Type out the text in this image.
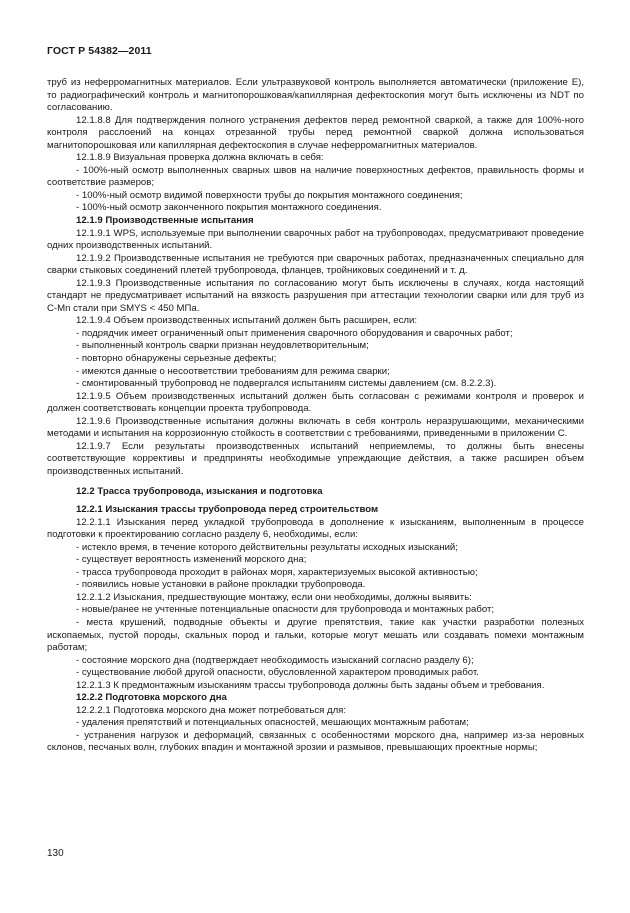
ГОСТ Р 54382—2011

труб из неферромагнитных материалов. Если ультразвуковой контроль выполняется автоматически (приложение Е), то радиографический контроль и магнитопорошковая/капиллярная дефектоскопия могут быть исключены из NDT по согласованию.

12.1.8.8 Для подтверждения полного устранения дефектов перед ремонтной сваркой, а также для 100%-ного контроля расслоений на концах отрезанной трубы перед ремонтной сваркой должна использоваться магнитопорошковая или капиллярная дефектоскопия в случае неферромагнитных материалов.

12.1.8.9 Визуальная проверка должна включать в себя:

- 100%-ный осмотр выполненных сварных швов на наличие поверхностных дефектов, правильность формы и соответствие размеров;

- 100%-ный осмотр видимой поверхности трубы до покрытия монтажного соединения;

- 100%-ный осмотр законченного покрытия монтажного соединения.

12.1.9 Производственные испытания

12.1.9.1 WPS, используемые при выполнении сварочных работ на трубопроводах, предусматривают проведение одних производственных испытаний.

12.1.9.2 Производственные испытания не требуются при сварочных работах, предназначенных специально для сварки стыковых соединений плетей трубопровода, фланцев, тройниковых соединений и т. д.

12.1.9.3 Производственные испытания по согласованию могут быть исключены в случаях, когда настоящий стандарт не предусматривает испытаний на вязкость разрушения при аттестации технологии сварки или для труб из С-Мn стали при SMYS < 450 МПа.

12.1.9.4 Объем производственных испытаний должен быть расширен, если:

- подрядчик имеет ограниченный опыт применения сварочного оборудования и сварочных работ;

- выполненный контроль сварки признан неудовлетворительным;

- повторно обнаружены серьезные дефекты;

- имеются данные о несоответствии требованиям для режима сварки;

- смонтированный трубопровод не подвергался испытаниям системы давлением (см. 8.2.2.3).

12.1.9.5 Объем производственных испытаний должен быть согласован с режимами контроля и проверок и должен соответствовать концепции проекта трубопровода.

12.1.9.6 Производственные испытания должны включать в себя контроль неразрушающими, механическими методами и испытания на коррозионную стойкость в соответствии с требованиями, приведенными в приложении С.

12.1.9.7 Если результаты производственных испытаний неприемлемы, то должны быть внесены соответствующие коррективы и предприняты необходимые упреждающие действия, а также расширен объем производственных испытаний.

12.2 Трасса трубопровода, изыскания и подготовка

12.2.1 Изыскания трассы трубопровода перед строительством

12.2.1.1 Изыскания перед укладкой трубопровода в дополнение к изысканиям, выполненным в процессе подготовки к проектированию согласно разделу 6, необходимы, если:

- истекло время, в течение которого действительны результаты исходных изысканий;

- существует вероятность изменений морского дна;

- трасса трубопровода проходит в районах моря, характеризуемых высокой активностью;

- появились новые установки в районе прокладки трубопровода.

12.2.1.2 Изыскания, предшествующие монтажу, если они необходимы, должны выявить:

- новые/ранее не учтенные потенциальные опасности для трубопровода и монтажных работ;

- места крушений, подводные объекты и другие препятствия, такие как участки разработки полезных ископаемых, пустой породы, скальных пород и гальки, которые могут мешать или создавать помехи монтажным работам;

- состояние морского дна (подтверждает необходимость изысканий согласно разделу 6);

- существование любой другой опасности, обусловленной характером проводимых работ.

12.2.1.3 К предмонтажным изысканиям трассы трубопровода должны быть заданы объем и требования.

12.2.2 Подготовка морского дна

12.2.2.1 Подготовка морского дна может потребоваться для:

- удаления препятствий и потенциальных опасностей, мешающих монтажным работам;

- устранения нагрузок и деформаций, связанных с особенностями морского дна, например из-за неровных склонов, песчаных волн, глубоких впадин и монтажной эрозии и размывов, превышающих проектные нормы;

130
